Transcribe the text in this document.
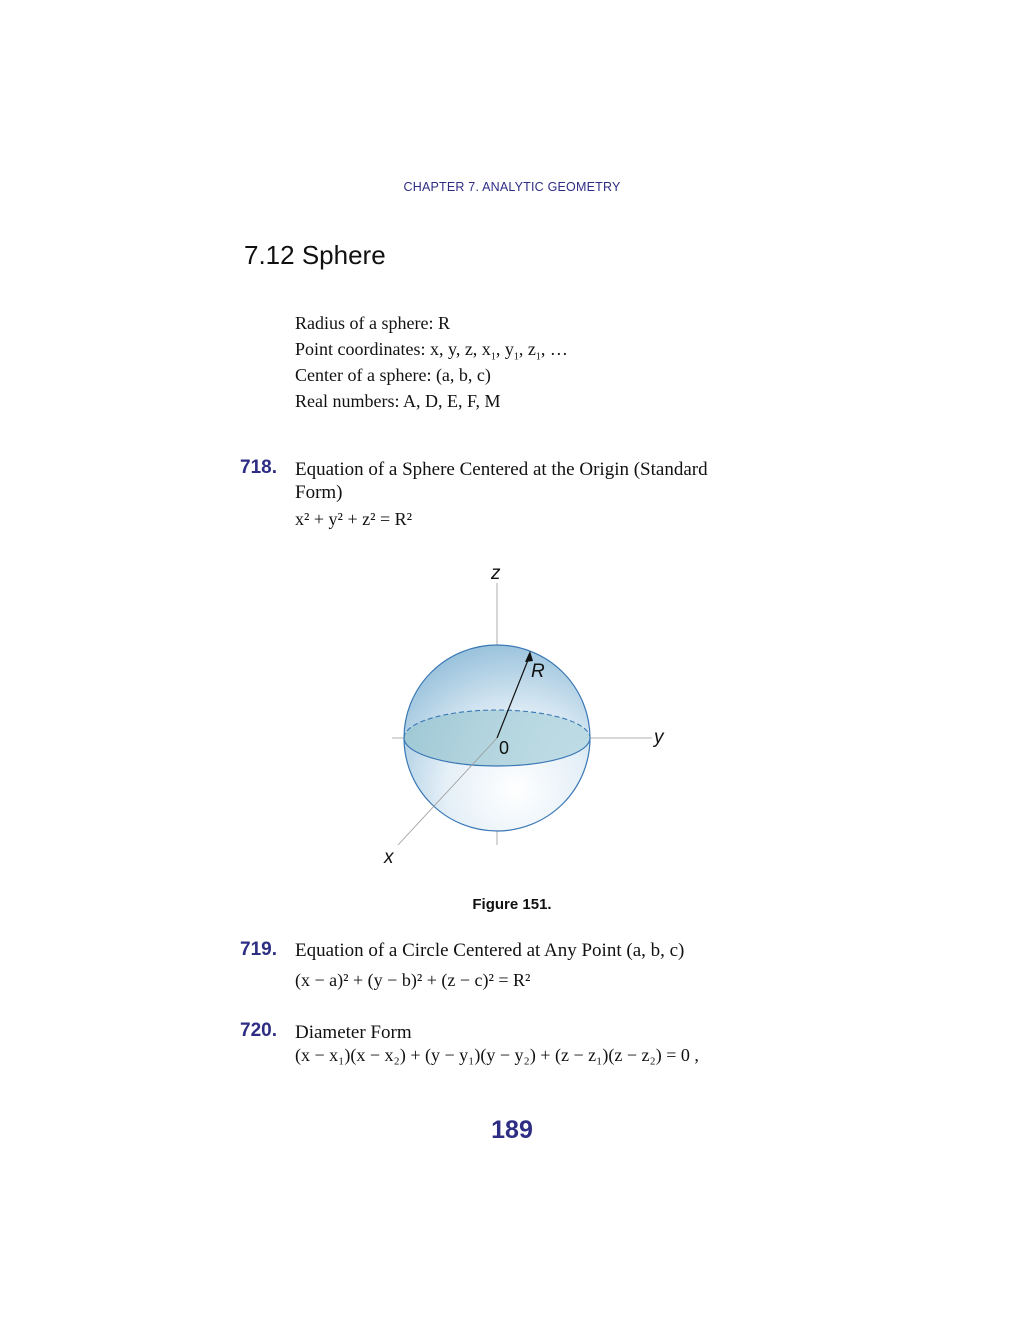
CHAPTER 7. ANALYTIC GEOMETRY
7.12 Sphere
Radius of a sphere: R
Point coordinates: x, y, z, $x_1$, $y_1$, $z_1$, …
Center of a sphere: (a, b, c)
Real numbers: A, D, E, F, M
718. Equation of a Sphere Centered at the Origin (Standard Form)
x² + y² + z² = R²
z
y
x
0
R
Figure 151.
719. Equation of a Circle Centered at Any Point (a, b, c)
(x − a)² + (y − b)² + (z − c)² = R²
720. Diameter Form
(x − x₁)(x − x₂) + (y − y₁)(y − y₂) + (z − z₁)(z − z₂) = 0 ,
189
